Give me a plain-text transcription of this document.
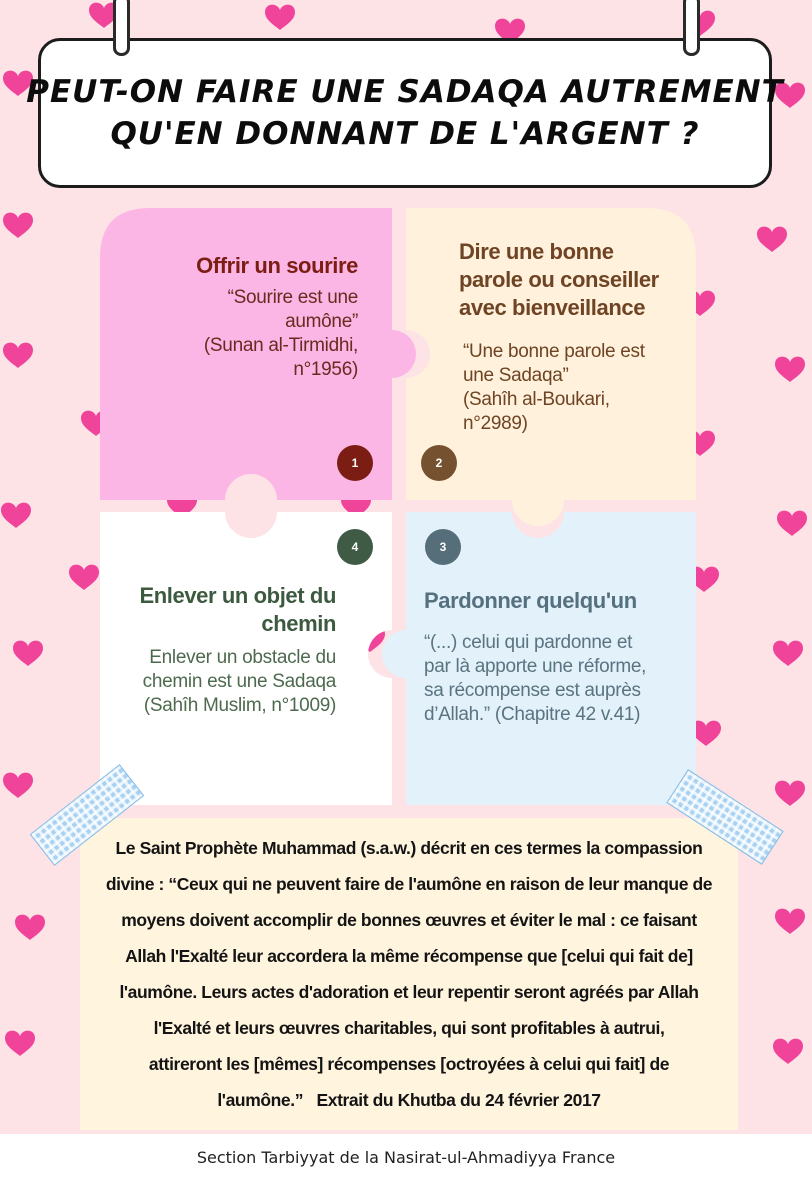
PEUT-ON FAIRE UNE SADAQA AUTREMENT
QU'EN DONNANT DE L'ARGENT ?
Offrir un sourire
“Sourire est une
aumône”
(Sunan al-Tirmidhi,
n°1956)
1
Dire une bonne
parole ou conseiller
avec bienveillance
“Une bonne parole est
une Sadaqa”
(Sahîh al-Boukari,
n°2989)
2
4
Enlever un objet du
chemin
Enlever un obstacle du
chemin est une Sadaqa
(Sahîh Muslim, n°1009)
3
Pardonner quelqu'un
“(...) celui qui pardonne et
par là apporte une réforme,
sa récompense est auprès
d’Allah.” (Chapitre 42 v.41)
Le Saint Prophète Muhammad (s.a.w.) décrit en ces termes la compassion
divine : “Ceux qui ne peuvent faire de l'aumône en raison de leur manque de
moyens doivent accomplir de bonnes œuvres et éviter le mal : ce faisant
Allah l'Exalté leur accordera la même récompense que [celui qui fait de]
l'aumône. Leurs actes d'adoration et leur repentir seront agréés par Allah
l'Exalté et leurs œuvres charitables, qui sont profitables à autrui,
attireront les [mêmes] récompenses [octroyées à celui qui fait] de
l'aumône.”   Extrait du Khutba du 24 février 2017
Section Tarbiyyat de la Nasirat-ul-Ahmadiyya France
